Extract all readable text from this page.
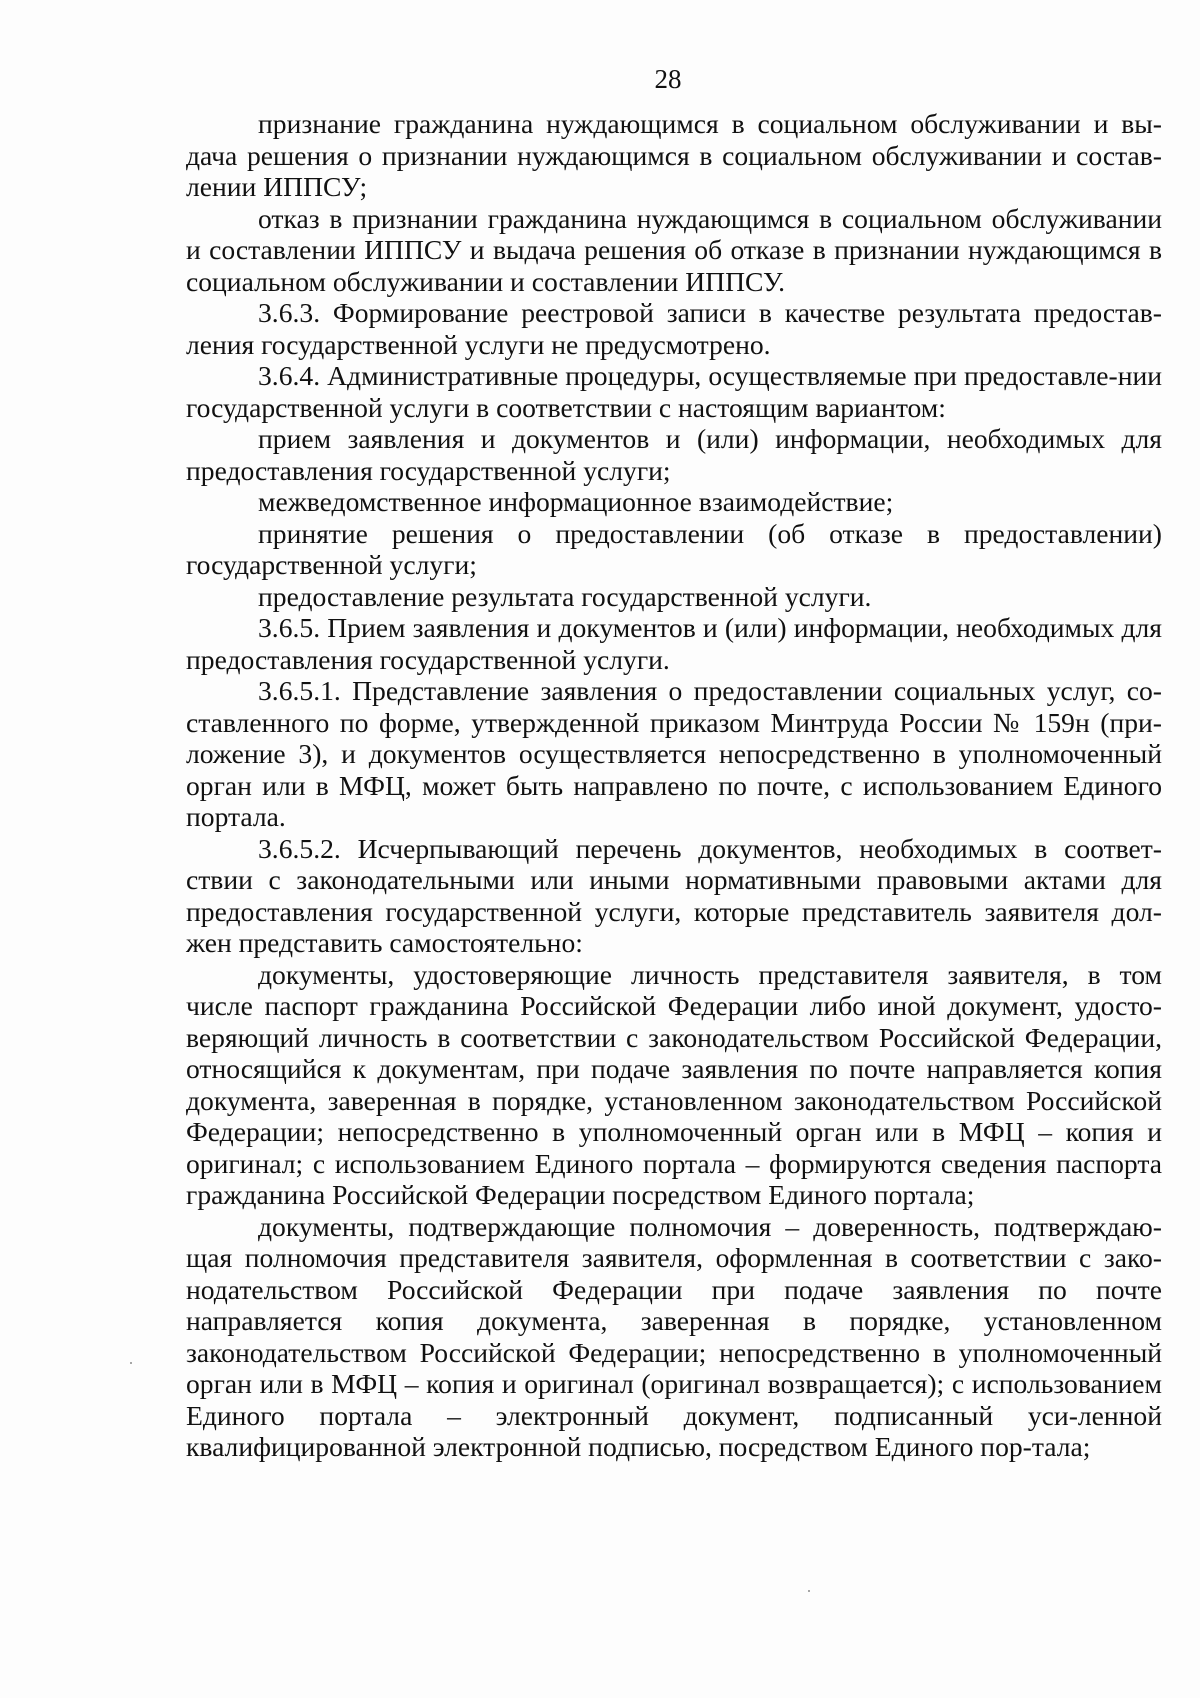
28

признание гражданина нуждающимся в социальном обслуживании и вы-дача решения о признании нуждающимся в социальном обслуживании и состав-лении ИППСУ;

отказ в признании гражданина нуждающимся в социальном обслуживании и составлении ИППСУ и выдача решения об отказе в признании нуждающимся в социальном обслуживании и составлении ИППСУ.

3.6.3. Формирование реестровой записи в качестве результата предостав-ления государственной услуги не предусмотрено.

3.6.4. Административные процедуры, осуществляемые при предоставле-нии государственной услуги в соответствии с настоящим вариантом:

прием заявления и документов и (или) информации, необходимых для предоставления государственной услуги;

межведомственное информационное взаимодействие;

принятие решения о предоставлении (об отказе в предоставлении) государственной услуги;

предоставление результата государственной услуги.

3.6.5. Прием заявления и документов и (или) информации, необходимых для предоставления государственной услуги.

3.6.5.1. Представление заявления о предоставлении социальных услуг, со-ставленного по форме, утвержденной приказом Минтруда России № 159н (при-ложение 3), и документов осуществляется непосредственно в уполномоченный орган или в МФЦ, может быть направлено по почте, с использованием Единого портала.

3.6.5.2. Исчерпывающий перечень документов, необходимых в соответ-ствии с законодательными или иными нормативными правовыми актами для предоставления государственной услуги, которые представитель заявителя дол-жен представить самостоятельно:

документы, удостоверяющие личность представителя заявителя, в том числе паспорт гражданина Российской Федерации либо иной документ, удосто-веряющий личность в соответствии с законодательством Российской Федерации, относящийся к документам, при подаче заявления по почте направляется копия документа, заверенная в порядке, установленном законодательством Российской Федерации; непосредственно в уполномоченный орган или в МФЦ – копия и оригинал; с использованием Единого портала – формируются сведения паспорта гражданина Российской Федерации посредством Единого портала;

документы, подтверждающие полномочия – доверенность, подтверждаю-щая полномочия представителя заявителя, оформленная в соответствии с зако-нодательством Российской Федерации при подаче заявления по почте направляется копия документа, заверенная в порядке, установленном законодательством Российской Федерации; непосредственно в уполномоченный орган или в МФЦ – копия и оригинал (оригинал возвращается); с использованием Единого портала – электронный документ, подписанный уси-ленной квалифицированной электронной подписью, посредством Единого пор-тала;
